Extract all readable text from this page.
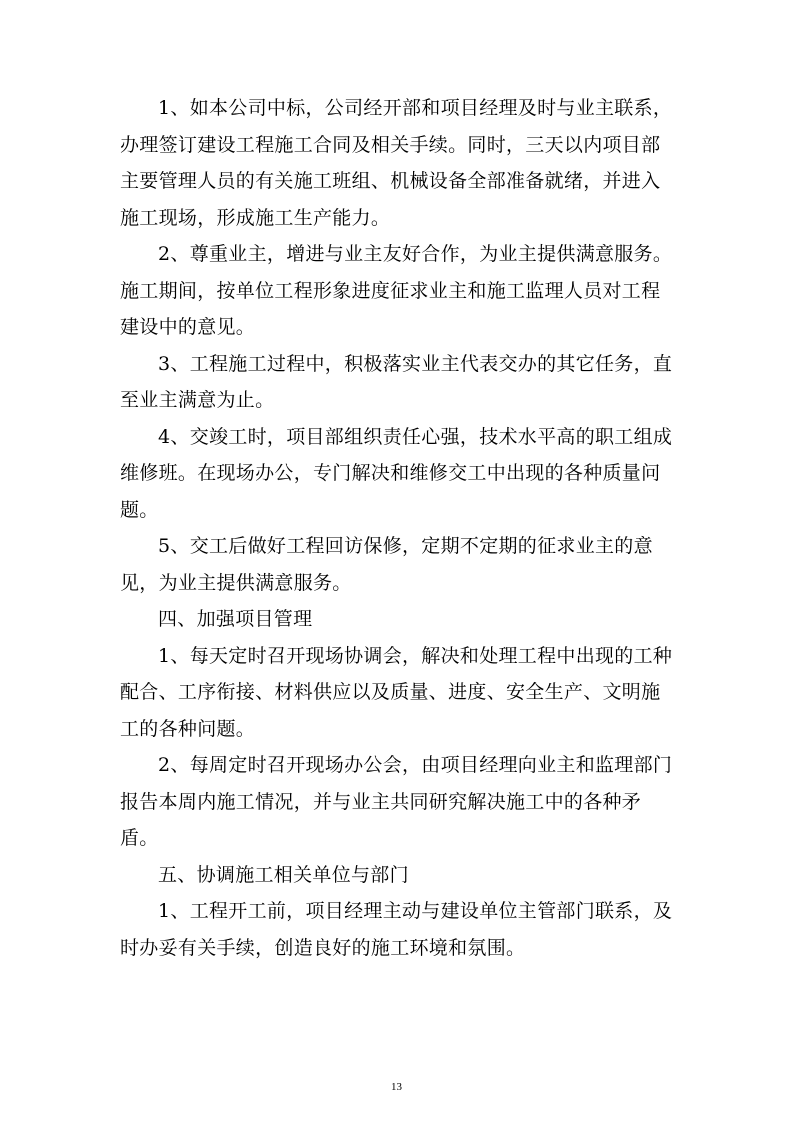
1、如本公司中标，公司经开部和项目经理及时与业主联系，办理签订建设工程施工合同及相关手续。同时，三天以内项目部主要管理人员的有关施工班组、机械设备全部准备就绪，并进入施工现场，形成施工生产能力。

2、尊重业主，增进与业主友好合作，为业主提供满意服务。施工期间，按单位工程形象进度征求业主和施工监理人员对工程建设中的意见。

3、工程施工过程中，积极落实业主代表交办的其它任务，直至业主满意为止。

4、交竣工时，项目部组织责任心强，技术水平高的职工组成维修班。在现场办公，专门解决和维修交工中出现的各种质量问题。

5、交工后做好工程回访保修，定期不定期的征求业主的意见，为业主提供满意服务。

四、加强项目管理

1、每天定时召开现场协调会，解决和处理工程中出现的工种配合、工序衔接、材料供应以及质量、进度、安全生产、文明施工的各种问题。

2、每周定时召开现场办公会，由项目经理向业主和监理部门报告本周内施工情况，并与业主共同研究解决施工中的各种矛盾。

五、协调施工相关单位与部门

1、工程开工前，项目经理主动与建设单位主管部门联系，及时办妥有关手续，创造良好的施工环境和氛围。

13
